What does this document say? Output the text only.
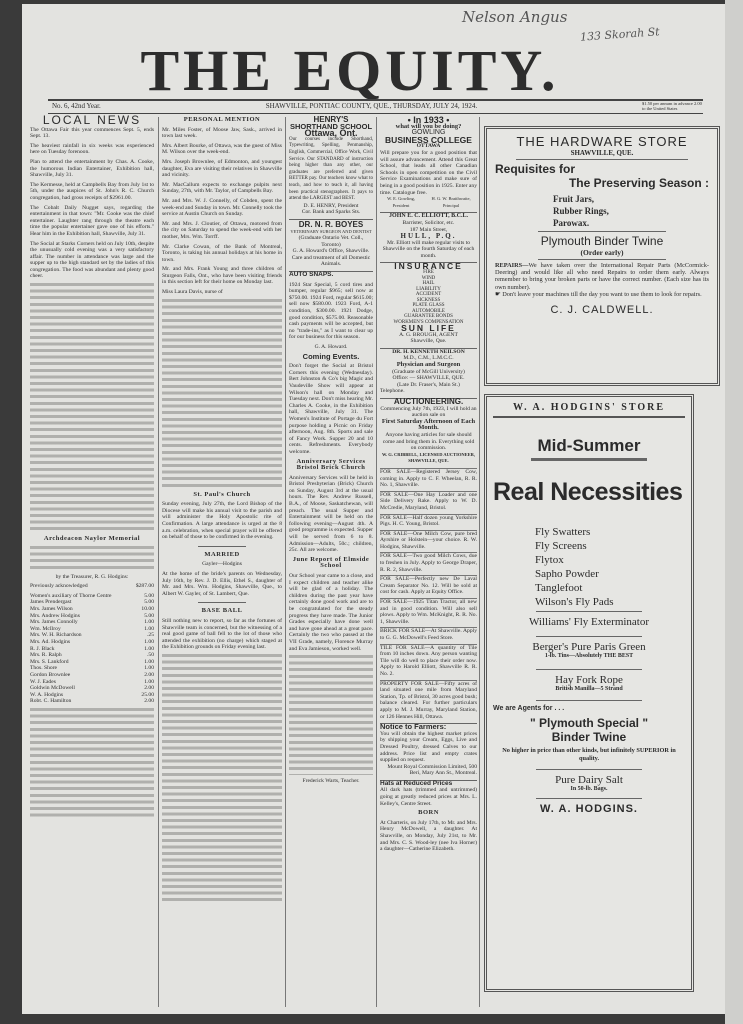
Nelson Angus
133 Skorah St
THE EQUITY.
No. 6, 42nd Year.	SHAWVILLE, PONTIAC COUNTY, QUE., THURSDAY, JULY 24, 1924.	$1.50 per annum in advance 2.00 to the United States
LOCAL NEWS

The Ottawa Fair this year commences Sept. 5, ends Sept. 13.

The heaviest rainfall in six weeks was experienced here on Tuesday forenoon.

Plan to attend the entertainment by Chas. A. Cooke, the humorous Indian Entertainer, Exhibition hall, Shawville, July 31.

The Kermesse, held at Campbells Bay from July 1st to 5th, under the auspices of St. John's R. C. Church congregation, had gross receipts of $2961.00.

The Cobalt Daily Nugget says, regarding the entertainment in that town: "Mr. Cooke was the chief entertainer. Laughter rang through the theatre each time the popular entertainer gave one of his efforts." Hear him in the Exhibition hall, Shawville, July 31.

The Social at Starks Corners held on July 10th, despite the unusually cold evening was a very satisfactory affair. The number in attendance was large and the supper up to the high standard set by the ladies of this congregation. The food was abundant and plenty good cheer.

Archdeacon Naylor Memorial

by the Treasurer, R. G. Hodgins:

Previously acknowledged	$287.00
Women's auxiliary of Thorne Centre	5.00
James Prendergast	5.00
Mrs. James Wilson	10.00
Mrs. Andrew Hodgins	5.00
Mrs. James Connolly	1.00
Wm. McIlroy	1.00
Mrs. W. H. Richardson	.25
Mrs. Ad. Hodgins	1.00
R. J. Black	1.00
Mrs. R. Ralph	.50
Mrs. S. Lankford	1.00
Thos. Shore	1.00
Gordon Brownlee	2.00
W. J. Eades	1.00
Goldwin McDowell	2.00
W. A. Hodgins	25.00
Robt. C. Hamilton	2.00
PERSONAL MENTION

Mr. Miles Foster, of Moose Jaw, Sask., arrived in town last week.

Mrs. Albert Bourke, of Ottawa, was the guest of Miss M. Wilson over the week-end.

Mrs. Joseph Brownlee, of Edmonton, and youngest daughter, Eva are visiting their relatives in Shawville and vicinity.

Mr. MacCallum expects to exchange pulpits next Sunday, 27th, with Mr. Taylor, of Campbells Bay.

Mr. and Mrs. W. J. Connelly, of Cobden, spent the week-end and Sunday in town. Mr. Connelly took the service at Austin Church on Sunday.

Mr. and Mrs. J. Cloutier, of Ottawa, motored from the city on Saturday to spend the week-end with her mother, Mrs. Wm. Torrff.

Mr. Clarke Cowan, of the Bank of Montreal, Toronto, is taking his annual holidays at his home in town.

Mr. and Mrs. Frank Young and three children of Sturgeon Falls, Ont., who have been visiting friends in this section left for their home on Monday last.

Miss Laura Davis, nurse of

St. Paul's Church

Sunday evening, July 27th, the Lord Bishop of the Diocese will make his annual visit to the parish and will administer the Holy Apostolic rite of Confirmation. A large attendance is urged at the 8 a.m. celebration, when special prayer will be offered on behalf of those to be confirmed in the evening.

MARRIED

Gayler—Hodgins

At the home of the bride's parents on Wednesday, July 16th, by Rev. J. D. Ellis, Ethel S., daughter of Mr. and Mrs. Wm. Hodgins, Shawville, Que., to Albert W. Gayler, of St. Lambert, Que.

BASE BALL

Still nothing new to report, so far as the fortunes of Shawville team is concerned, but the witnessing of a real good game of ball fell to the lot of those who attended the exhibition (no charge) which staged at the Exhibition grounds on Friday evening last.

HENRY'S
SHORTHAND SCHOOL
Ottawa, Ont.

Our courses include Shorthand, Typewriting, Spelling, Penmanship, English, Commercial, Office Work, Civil Service. Our STANDARD of instruction being higher than any other, our graduates are preferred and given BETTER pay. Our teachers know what to teach, and how to teach it, all having been practical stenographers. It pays to attend the LARGEST and BEST.

D. E. HENRY, President

Cor. Bank and Sparks Sts.

DR. N. R. BOYES

VETERINARY SURGEON AND DENTIST

(Graduate Ontario Vet. Coll., Toronto)

G. A. Howard's Office, Shawville.

Care and treatment of all Domestic Animals.

AUTO SNAPS.

1924 Star Special, 5 cord tires and bumper, regular $965; sell now at $750.00. 1924 Ford, regular $615.00; sell now $580.00. 1923 Ford, A-1 condition, $300.00. 1921 Dodge, good condition, $575.00. Reasonable cash payments will be accepted, but no "trade-ins," as I want to clear up for our business for this season.

G. A. Howard.

Coming Events.

Don't forget the Social at Bristol Corners this evening (Wednesday). Bert Johnston & Co's big Magic and Vaudeville Show will appear at Wilson's hall on Monday and Tuesday next. Don't miss hearing Mr. Charles A. Cooke, in the Exhibition hall, Shawville, July 31. The Women's Institute of Portage du Fort purpose holding a Picnic on Friday afternoon, Aug. 8th. Sports and sale of Fancy Work. Supper 20 and 10 cents. Refreshments. Everybody welcome.

Anniversary Services Bristol Brick Church

Anniversary Services will be held in Bristol Presbyterian (Brick) Church on Sunday, August 3rd at the usual hours. The Rev. Andrew Russell, B.A., of Moose, Saskatchewan, will preach. The usual Supper and Entertainment will be held on the following evening—August 4th. A good programme is expected. Supper will be served from 6 to 8. Admission—Adults, 50c.; children, 25c. All are welcome.

June Report of Elmside School

Our School year came to a close, and I expect children and teacher alike will be glad of a holiday. The children during the past year have certainly done good work and are to be congratulated for the steady progress they have made. The Junior Grades especially have done well and have gone ahead at a great pace. Certainly the two who passed at the VII Grade, namely, Florence Murray and Eva Jamieson, worked well.

Frederick Warts, Teacher.

• In 1933 •
what will you be doing?
GOWLING
BUSINESS COLLEGE
OTTAWA

Will prepare you for a good position that will assure advancement. Attend this Great School, that leads all other Canadian Schools in open competition on the Civil Service Examinations and make sure of being in a good position in 1925. Enter any time. Catalogue free.

W. E. Gowling, President
H. G. W. Braithwaite, Principal
JOHN E. C. ELLIOTT, B.C.L.

Barrister, Solicitor, etc.

187 Main Street,

HULL, P.Q.

Mr. Elliott will make regular visits to Shawville on the fourth Saturday of each month.

INSURANCE
FIRE
WIND
HAIL
LIABILITY
ACCIDENT
SICKNESS
PLATE GLASS
AUTOMOBILE
GUARANTEE BONDS
WORKMEN'S COMPENSATION
SUN LIFE

A. G. BROUGH, AGENT

Shawville, Que.

DR. H. KENNETH NEILSON

M.D., C.M., L.M.C.C.

Physician and Surgeon

(Graduate of McGill University)

Office: — SHAWVILLE, QUE.

(Late Dr. Fraser's, Main St.)

Telephone.

AUCTIONEERING.

Commencing July 7th, 1923, I will hold an auction sale on

First Saturday Afternoon of Each Month.

Anyone having articles for sale should come and bring them in. Everything sold on commission.

W. G. CRIBBELL, LICENSED AUCTIONEER, SHAWVILLE, QUE.

FOR SALE—Registered Jersey Cow, coming in. Apply to C. F. Wheelan, R. R. No. 1, Shawville.

FOR SALE—One Hay Loader and one Side Delivery Rake. Apply to W. D. McCredie, Maryland, Bristol.

FOR SALE—Half dozen young Yorkshire Pigs. H. C. Young, Bristol.

FOR SALE—One Milch Cow, pure bred Ayrshire or Holstein—your choice. R. W. Hodgins, Shawville.

FOR SALE—Two good Milch Cows, due to freshen in July. Apply to George Draper, R. R. 2, Shawville.

FOR SALE—Perfectly new De Laval Cream Separator No. 12. Will be sold at cost for cash. Apply at Equity Office.

FOR SALE—1925 Titan Tractor, all new and in good condition. Will also sell plows. Apply to Wm. McKnight, R. R. No. 1, Shawville.

BRICK FOR SALE—At Shawville. Apply to G. G. McDowell's Feed Store.

TILE FOR SALE—A quantity of Tile from 10 inches down. Any person wanting Tile will do well to place their order now. Apply to Harold Elliott, Shawville R. R. No. 2.

PROPERTY FOR SALE—Fifty acres of land situated one mile from Maryland Station, Tp. of Bristol, 30 acres good bush; balance cleared. For further particulars apply to M. J. Murray, Maryland Station, or 126 Hennes Hill, Ottawa.

Notice to Farmers:

You will obtain the highest market prices by shipping your Cream, Eggs, Live and Dressed Poultry, dressed Calves to our address. Price list and empty crates supplied on request.

Mount Royal Commission Limited, 500 Beri, Mary Ann St., Montreal.

Hats at Reduced Prices

All dark hats (trimmed and untrimmed) going at greatly reduced prices at Mrs. L. Kelley's, Centre Street.

BORN

At Charteris, on July 17th, to Mr. and Mrs. Henry McDowell, a daughter. At Shawville, on Monday, July 21st, to Mr. and Mrs. C. S. Wood-ley (nee Iva Horner) a daughter—Catherine Elizabeth.

THE HARDWARE STORE
SHAWVILLE, QUE.
Requisites for
The Preserving Season :
Fruit Jars,
Rubber Rings,
Parowax.
Plymouth Binder Twine
(Order early)

REPAIRS—We have taken over the International Repair Parts (McCormick-Deering) and would like all who need Repairs to order them early. Always remember to bring your broken parts or have the correct number. (Each size has its own number).

☛ Don't leave your machines till the day you want to use them to look for repairs.

C. J. CALDWELL.
W. A. HODGINS' STORE
Mid-Summer
Real Necessities
Fly Swatters
Fly Screens
Flytox
Sapho Powder
Tanglefoot
Wilson's Fly Pads
Williams' Fly Exterminator
Berger's Pure Paris Green
1-lb. Tins—Absolutely THE BEST
Hay Fork Rope
British Manilla—5 Strand
We are Agents for . . .
" Plymouth Special "
Binder Twine
No higher in price than other kinds, but infinitely SUPERIOR in quality.
Pure Dairy Salt
In 50-lb. Bags.
W. A. HODGINS.
